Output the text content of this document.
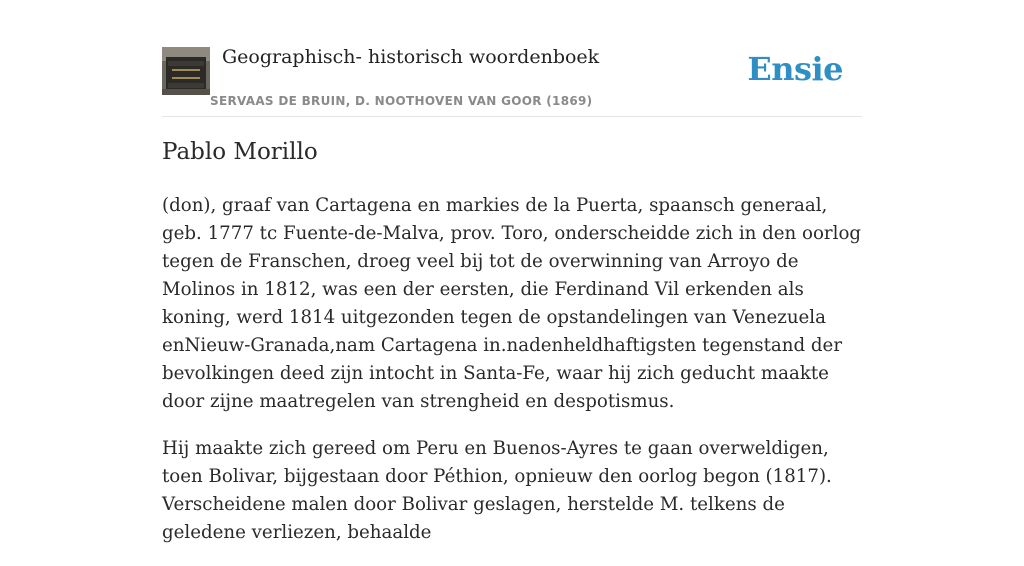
Geographisch- historisch woordenboek
SERVAAS DE BRUIN, D. NOOTHOVEN VAN GOOR (1869)
Ensie
Pablo Morillo

(don), graaf van Cartagena en markies de la Puerta, spaansch generaal, geb. 1777 tc Fuente-de-Malva, prov. Toro, onderscheidde zich in den oorlog tegen de Franschen, droeg veel bij tot de overwinning van Arroyo de Molinos in 1812, was een der eersten, die Ferdinand Vil erkenden als koning, werd 1814 uitgezonden tegen de opstandelingen van Venezuela enNieuw-Granada,nam Cartagena in.nadenheldhaftigsten tegenstand der bevolkingen deed zijn intocht in Santa-Fe, waar hij zich geducht maakte door zijne maatregelen van strengheid en despotismus.

Hij maakte zich gereed om Peru en Buenos-Ayres te gaan overweldigen, toen Bolivar, bijgestaan door Péthion, opnieuw den oorlog begon (1817). Verscheidene malen door Bolivar geslagen, herstelde M. telkens de geledene verliezen, behaalde
